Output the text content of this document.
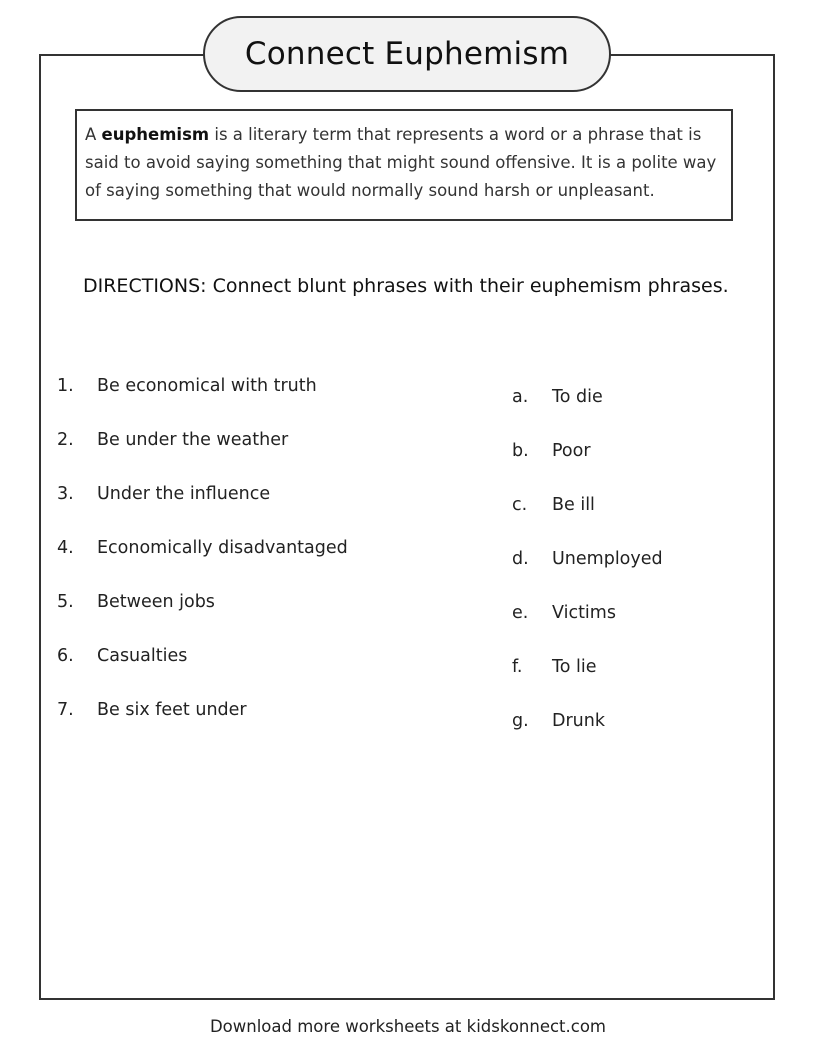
Connect Euphemism
A euphemism is a literary term that represents a word or a phrase that is said to avoid saying something that might sound offensive. It is a polite way of saying something that would normally sound harsh or unpleasant.
DIRECTIONS: Connect blunt phrases with their euphemism phrases.
1.	Be economical with truth
2.	Be under the weather
3.	Under the influence
4.	Economically disadvantaged
5.	Between jobs
6.	Casualties
7.	Be six feet under
a.	To die
b.	Poor
c.	Be ill
d.	Unemployed
e.	Victims
f.	To lie
g.	Drunk
Download more worksheets at kidskonnect.com
